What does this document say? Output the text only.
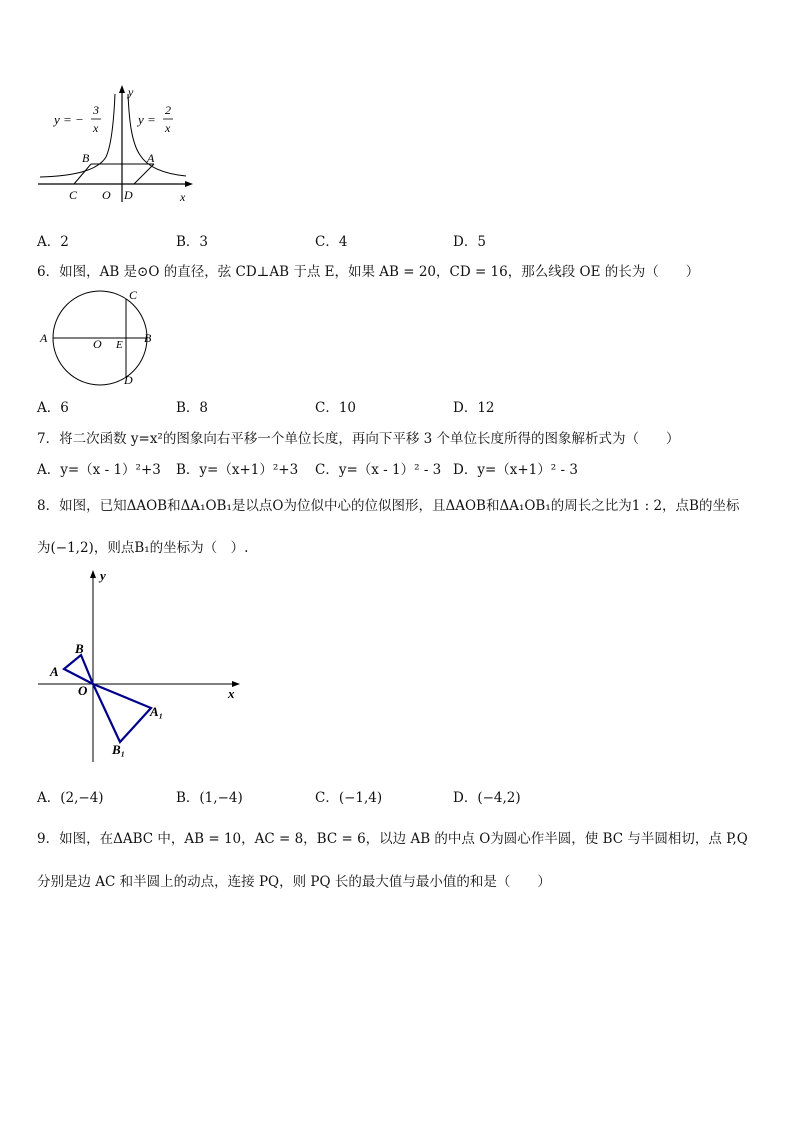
y = −
3
x
y =
2
x
y
x
B	A
C O D
A．2	B．3	C．4	D．5
6．如图，AB 是⊙O 的直径，弦 CD⊥AB 于点 E，如果 AB = 20，CD = 16，那么线段 OE 的长为（　　）
A	O E B
C
D
A．6	B．8	C．10	D．12
7．将二次函数 y=x²的图象向右平移一个单位长度，再向下平移 3 个单位长度所得的图象解析式为（　　）
A．y=（x - 1）²+3 B．y=（x+1）²+3 C．y=（x - 1）² - 3 D．y=（x+1）² - 3
8．如图，已知ΔAOB和ΔA₁OB₁是以点O为位似中心的位似图形，且ΔAOB和ΔA₁OB₁的周长之比为1 : 2，点B的坐标
为(−1,2)，则点B₁的坐标为（　）.
y
x
B
A
O
A₁
B₁
A．(2,−4)	B．(1,−4)	C．(−1,4)	D．(−4,2)
9．如图，在ΔABC 中，AB = 10，AC = 8，BC = 6，以边 AB 的中点 O为圆心作半圆，使 BC 与半圆相切，点 P,Q
分别是边 AC 和半圆上的动点，连接 PQ，则 PQ 长的最大值与最小值的和是（　　）
